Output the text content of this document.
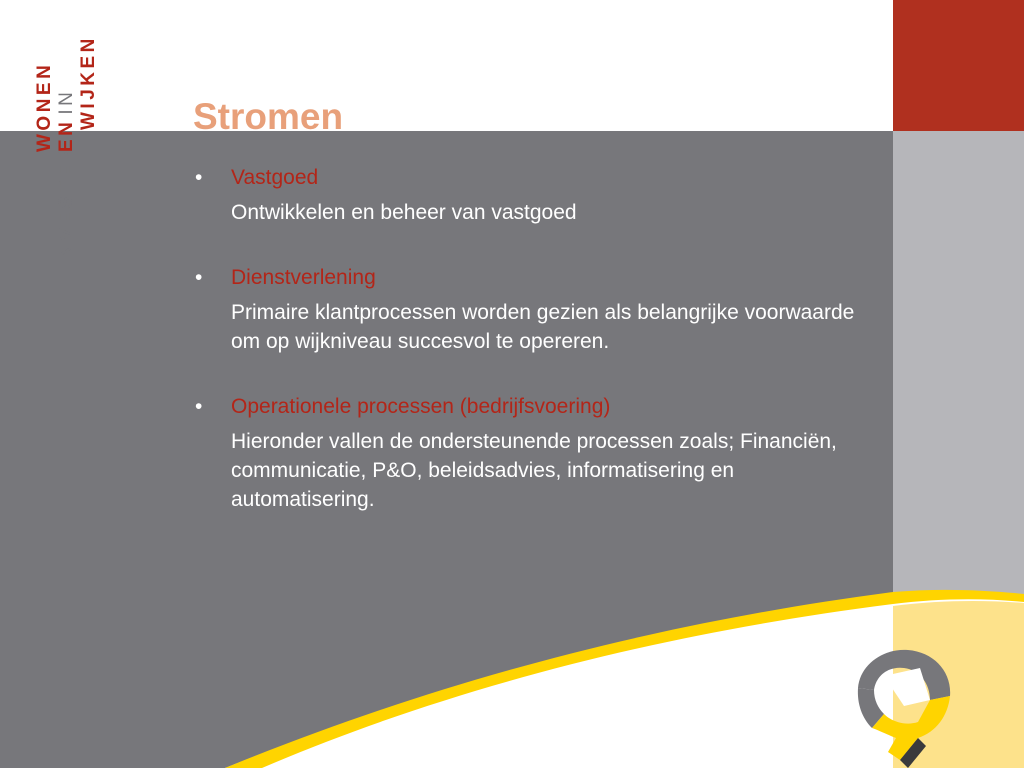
INVESTER
WONEN ENIN WIJKEN	Stromen
• Vastgoed
Ontwikkelen en beheer van vastgoed
• Dienstverlening
Primaire klantprocessen worden gezien als belangrijke voorwaarde om op wijkniveau succesvol te opereren.
• Operationele processen (bedrijfsvoering)
Hieronder vallen de ondersteunende processen zoals; Financiën, communicatie, P&O, beleidsadvies, informatisering en automatisering.
